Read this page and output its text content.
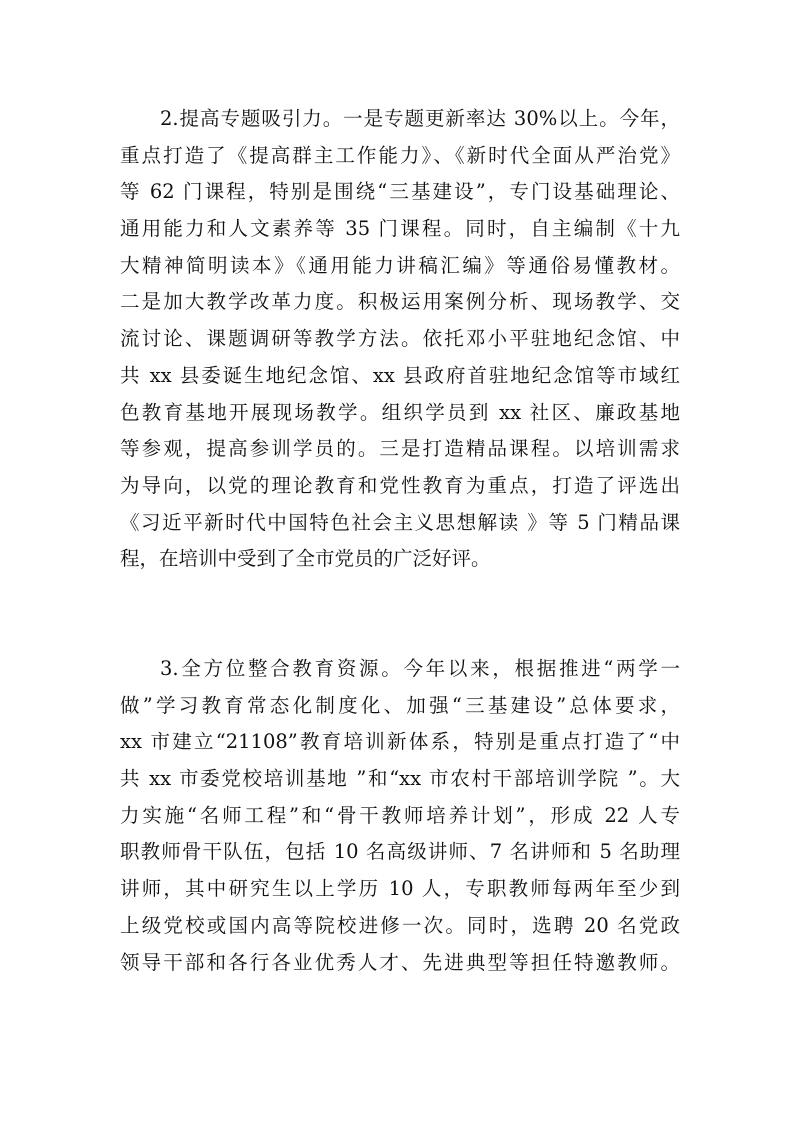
2.提高专题吸引力。一是专题更新率达 30%以上。今年，
重点打造了《提高群主工作能力》、《新时代全面从严治党》
等 62 门课程，特别是围绕“三基建设”，专门设基础理论、
通用能力和人文素养等 35 门课程。同时，自主编制《十九
大精神简明读本》《通用能力讲稿汇编》等通俗易懂教材。
二是加大教学改革力度。积极运用案例分析、现场教学、交
流讨论、课题调研等教学方法。依托邓小平驻地纪念馆、中
共 xx 县委诞生地纪念馆、xx 县政府首驻地纪念馆等市域红
色教育基地开展现场教学。组织学员到 xx 社区、廉政基地
等参观，提高参训学员的。三是打造精品课程。以培训需求
为导向，以党的理论教育和党性教育为重点，打造了评选出
《习近平新时代中国特色社会主义思想解读 》等 5 门精品课
程，在培训中受到了全市党员的广泛好评。
3.全方位整合教育资源。今年以来，根据推进“两学一
做”学习教育常态化制度化、加强“三基建设”总体要求，
xx 市建立“21108”教育培训新体系，特别是重点打造了“中
共 xx 市委党校培训基地 ”和“xx 市农村干部培训学院 ”。大
力实施“名师工程”和“骨干教师培养计划”，形成 22 人专
职教师骨干队伍，包括 10 名高级讲师、7 名讲师和 5 名助理
讲师，其中研究生以上学历 10 人，专职教师每两年至少到
上级党校或国内高等院校进修一次。同时，选聘 20 名党政
领导干部和各行各业优秀人才、先进典型等担任特邀教师。
